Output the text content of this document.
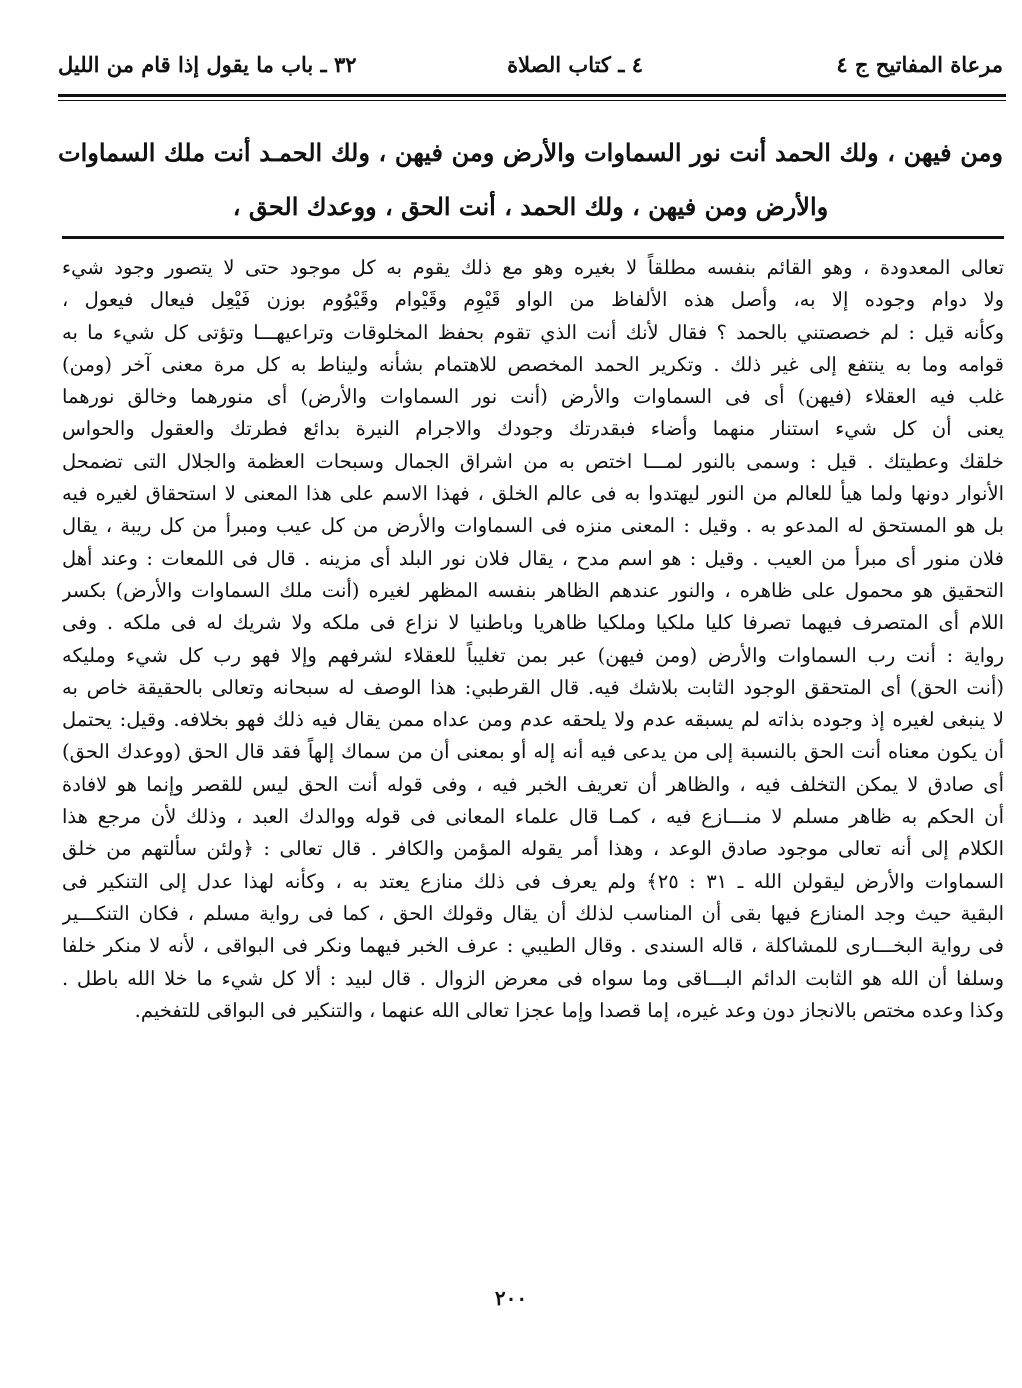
مرعاة المفاتيح ج ٤
٤ ـ كتاب الصلاة
٣٢ ـ باب ما يقول إذا قام من الليل
ومن فيهن ، ولك الحمد أنت نور السماوات والأرض ومن فيهن ، ولك الحمـد أنت ملك السماوات
والأرض ومن فيهن ، ولك الحمد ، أنت الحق ، ووعدك الحق ،
تعالى المعدودة ، وهو القائم بنفسه مطلقاً لا بغيره وهو مع ذلك يقوم به كل موجود حتى لا يتصور وجود شيء
ولا دوام وجوده إلا به، وأصل هذه الألفاظ من الواو قَيْوِم وقَيْوام وقَيْوُوم بوزن فَيْعِل فيعال فيعول ،
وكأنه قيل : لم خصصتني بالحمد ؟ فقال لأنك أنت الذي تقوم بحفظ المخلوقات وتراعيهـــا وتؤتى كل شيء ما به
قوامه وما به ينتفع إلى غير ذلك . وتكرير الحمد المخصص للاهتمام بشأنه وليناط به كل مرة معنى آخر (ومن)
غلب فيه العقلاء (فيهن) أى فى السماوات والأرض (أنت نور السماوات والأرض) أى منورهما وخالق نورهما
يعنى أن كل شيء استنار منهما وأضاء فبقدرتك وجودك والاجرام النيرة بدائع فطرتك والعقول والحواس
خلقك وعطيتك . قيل : وسمى بالنور لمـــا اختص به من اشراق الجمال وسبحات العظمة والجلال التى تضمحل
الأنوار دونها ولما هيأ للعالم من النور ليهتدوا به فى عالم الخلق ، فهذا الاسم على هذا المعنى لا استحقاق لغيره فيه
بل هو المستحق له المدعو به . وقيل : المعنى منزه فى السماوات والأرض من كل عيب ومبرأ من كل ريبة ، يقال
فلان منور أى مبرأ من العيب . وقيل : هو اسم مدح ، يقال فلان نور البلد أى مزينه . قال فى اللمعات : وعند أهل
التحقيق هو محمول على ظاهره ، والنور عندهم الظاهر بنفسه المظهر لغيره (أنت ملك السماوات والأرض) بكسر
اللام أى المتصرف فيهما تصرفا كليا ملكيا وملكيا ظاهريا وباطنيا لا نزاع فى ملكه ولا شريك له فى ملكه . وفى
رواية : أنت رب السماوات والأرض (ومن فيهن) عبر بمن تغليباً للعقلاء لشرفهم وإلا فهو رب كل شيء ومليكه
(أنت الحق) أى المتحقق الوجود الثابت بلاشك فيه. قال القرطبي: هذا الوصف له سبحانه وتعالى بالحقيقة خاص به
لا ينبغى لغيره إذ وجوده بذاته لم يسبقه عدم ولا يلحقه عدم ومن عداه ممن يقال فيه ذلك فهو بخلافه. وقيل: يحتمل
أن يكون معناه أنت الحق بالنسبة إلى من يدعى فيه أنه إله أو بمعنى أن من سماك إلهاً فقد قال الحق (ووعدك الحق)
أى صادق لا يمكن التخلف فيه ، والظاهر أن تعريف الخبر فيه ، وفى قوله أنت الحق ليس للقصر وإنما هو لافادة
أن الحكم به ظاهر مسلم لا منـــازع فيه ، كمـا قال علماء المعانى فى قوله ووالدك العبد ، وذلك لأن مرجع هذا
الكلام إلى أنه تعالى موجود صادق الوعد ، وهذا أمر يقوله المؤمن والكافر . قال تعالى : ﴿ولئن سألتهم من خلق
السماوات والأرض ليقولن الله ـ ٣١ : ٢٥﴾ ولم يعرف فى ذلك منازع يعتد به ، وكأنه لهذا عدل إلى التنكير فى
البقية حيث وجد المنازع فيها بقى أن المناسب لذلك أن يقال وقولك الحق ، كما فى رواية مسلم ، فكان التنكـــير
فى رواية البخـــارى للمشاكلة ، قاله السندى . وقال الطيبي : عرف الخبر فيهما ونكر فى البواقى ، لأنه لا منكر خلفا
وسلفا أن الله هو الثابت الدائم البـــاقى وما سواه فى معرض الزوال . قال لبيد : ألا كل شيء ما خلا الله باطل .
وكذا وعده مختص بالانجاز دون وعد غيره، إما قصدا وإما عجزا تعالى الله عنهما ، والتنكير فى البواقى للتفخيم.
٢٠٠
